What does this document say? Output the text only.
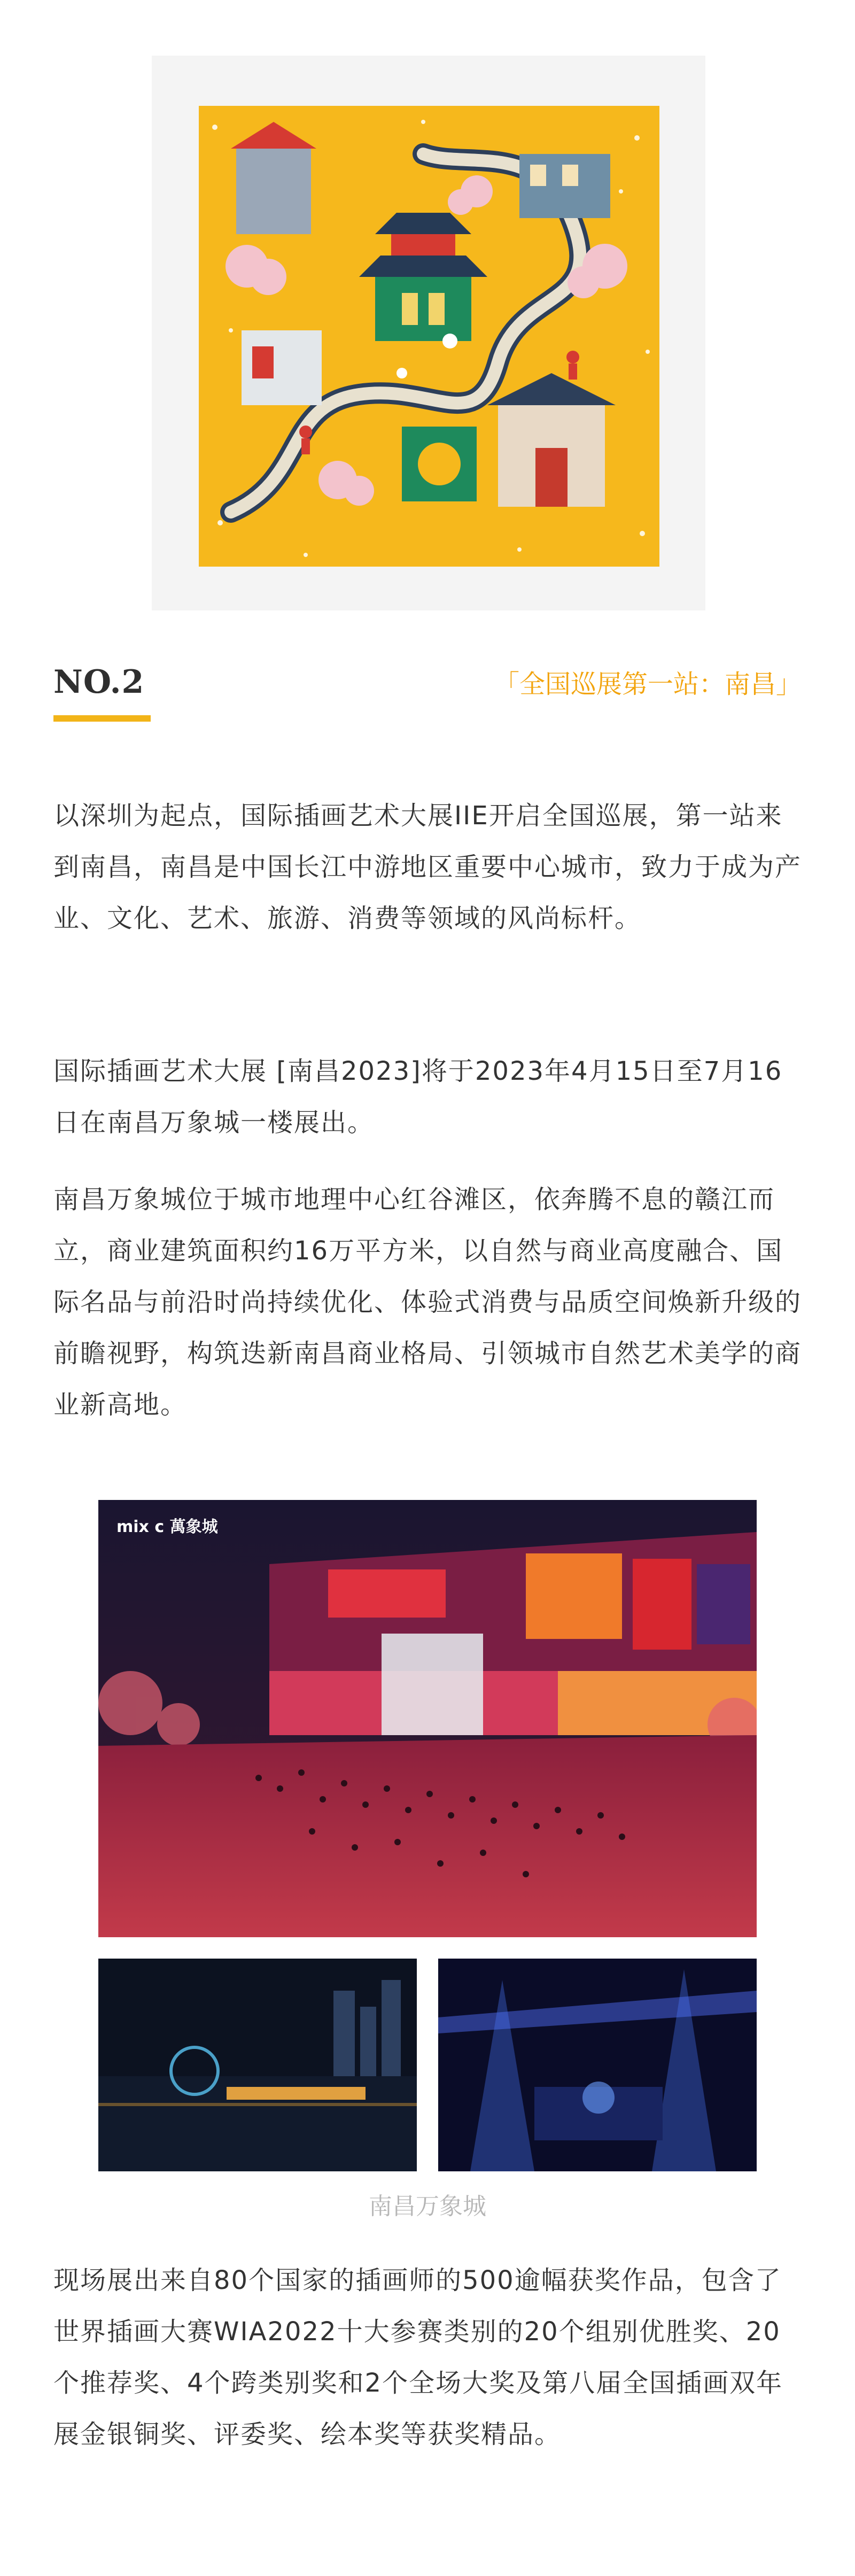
NO.2	「全国巡展第一站：南昌」

以深圳为起点，国际插画艺术大展IIE开启全国巡展，第一站来到南昌，南昌是中国长江中游地区重要中心城市，致力于成为产业、文化、艺术、旅游、消费等领域的风尚标杆。

国际插画艺术大展 [南昌2023]将于2023年4月15日至7月16日在南昌万象城一楼展出。

南昌万象城位于城市地理中心红谷滩区，依奔腾不息的赣江而立，商业建筑面积约16万平方米，以自然与商业高度融合、国际名品与前沿时尚持续优化、体验式消费与品质空间焕新升级的前瞻视野，构筑迭新南昌商业格局、引领城市自然艺术美学的商业新高地。

mix c 萬象城
南昌万象城

现场展出来自80个国家的插画师的500逾幅获奖作品，包含了世界插画大赛WIA2022十大参赛类别的20个组别优胜奖、20个推荐奖、4个跨类别奖和2个全场大奖及第八届全国插画双年展金银铜奖、评委奖、绘本奖等获奖精品。
